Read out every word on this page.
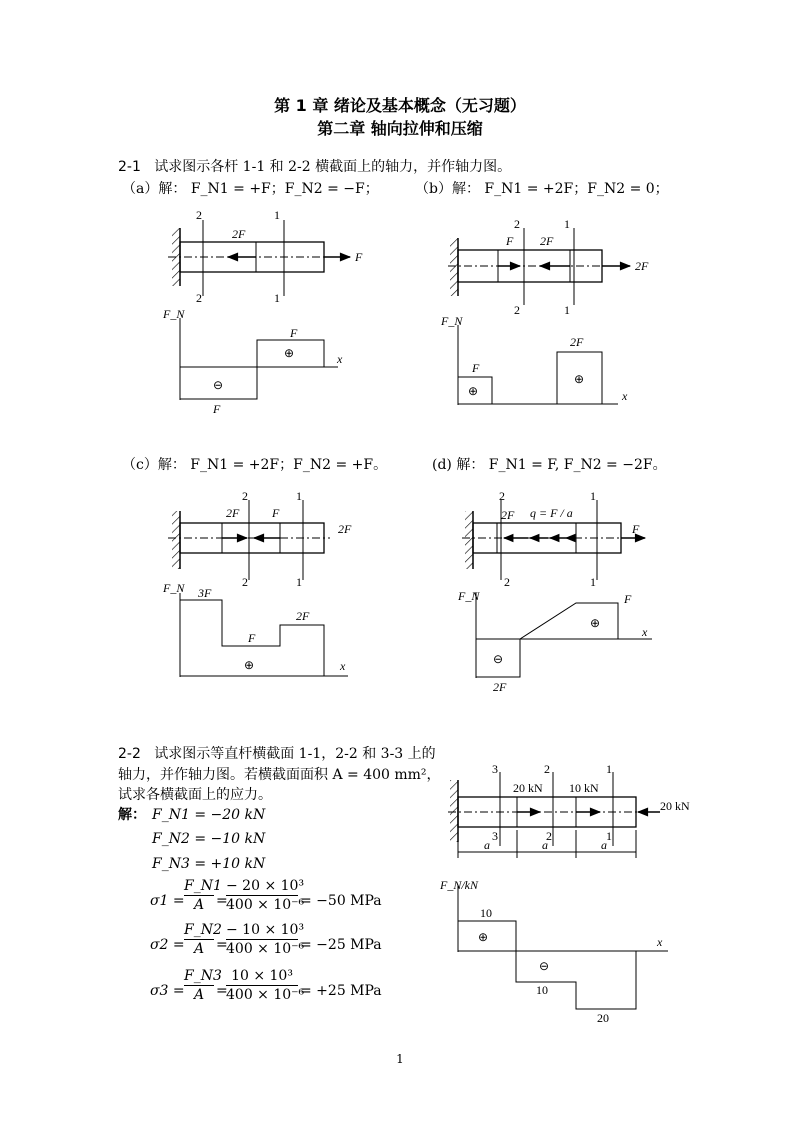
第 1 章 绪论及基本概念（无习题）
第二章 轴向拉伸和压缩
2-1 试求图示各杆 1-1 和 2-2 横截面上的轴力，并作轴力图。
（a）解： F_N1 = +F；F_N2 = −F；	（b）解： F_N1 = +2F；F_N2 = 0；
（c）解： F_N1 = +2F；F_N2 = +F。	(d) 解： F_N1 = F, F_N2 = −2F。
2-2 试求图示等直杆横截面 1-1，2-2 和 3-3 上的
轴力，并作轴力图。若横截面面积 A = 400 mm²，
试求各横截面上的应力。
解： F_N1 = −20 kN
F_N2 = −10 kN
F_N3 = +10 kN
σ1 =
F_N1
A =
− 20 × 10³
400 × 10⁻⁶
= −50 MPa
σ2 =
F_N2
A =
− 10 × 10³
400 × 10⁻⁶
= −25 MPa
σ3 =
F_N3
A =
10 × 10³
400 × 10⁻⁶
= +25 MPa
2	1
2	1
2F
F
F_N
x
⊕
⊖
F
F
2	1
2	1
F 2F
2F
F_N
x
F
2F
⊕
⊕
2	1
2	1
2F	F
2F
F_N
x
3F
F
2F
⊕
2	1
2	1
2F q = F / a
F
F_N
x
F
2F
⊕
⊖
3	2	1
3	2	1
20 kN 10 kN
20 kN
a	a	a
F_N/kN
x
10
10
20
⊕
⊖
1
